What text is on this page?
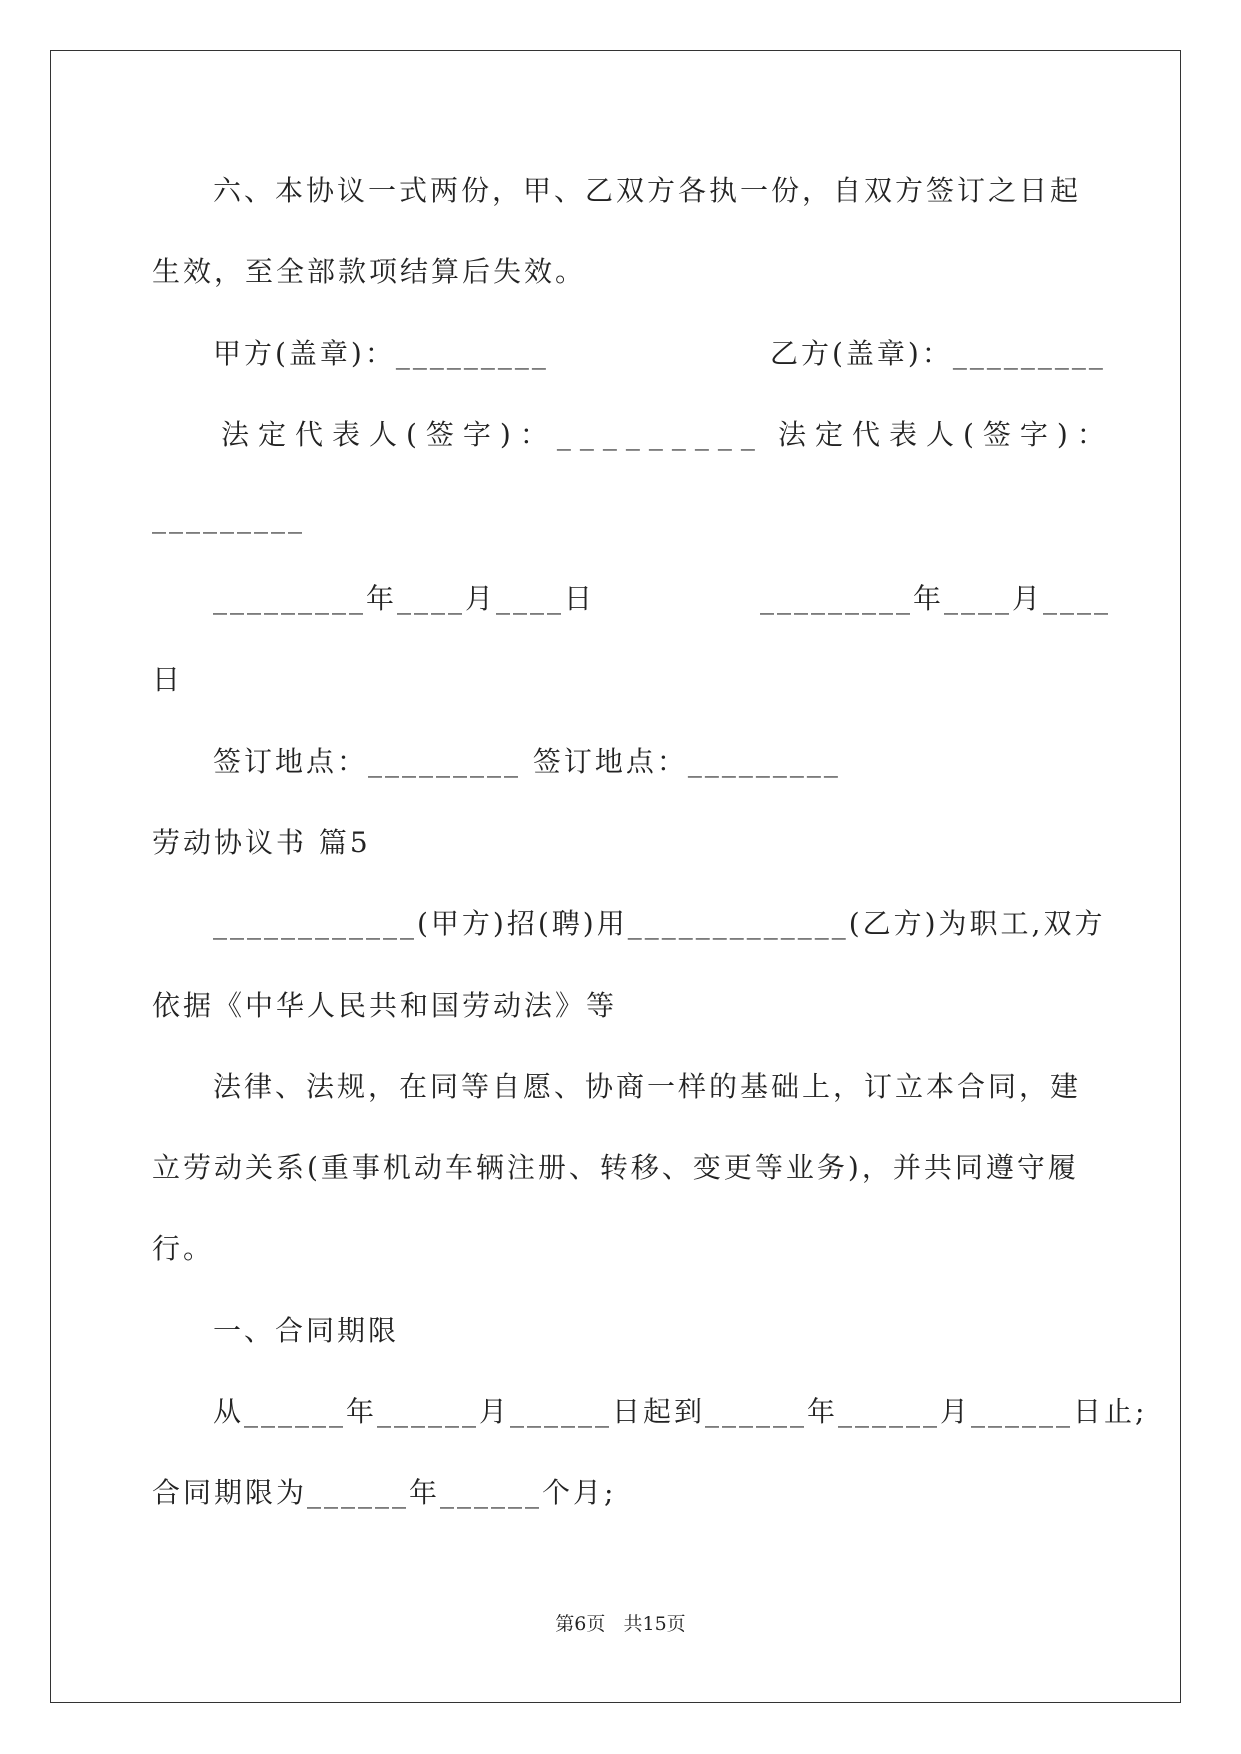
六、本协议一式两份，甲、乙双方各执一份，自双方签订之日起
生效，至全部款项结算后失效。
甲方(盖章)：_________	乙方(盖章)：_________
法定代表人(签字)：_________ 法定代表人(签字)：
_________
_________年____月____日	_________年____月____
日
签订地点：_________ 签订地点：_________
劳动协议书 篇5
____________(甲方)招(聘)用_____________(乙方)为职工,双方
依据《中华人民共和国劳动法》等
法律、法规，在同等自愿、协商一样的基础上，订立本合同，建
立劳动关系(重事机动车辆注册、转移、变更等业务)，并共同遵守履
行。
一、合同期限
从______年______月______日起到______年______月______日止;
合同期限为______年______个月;
第6页   共15页
